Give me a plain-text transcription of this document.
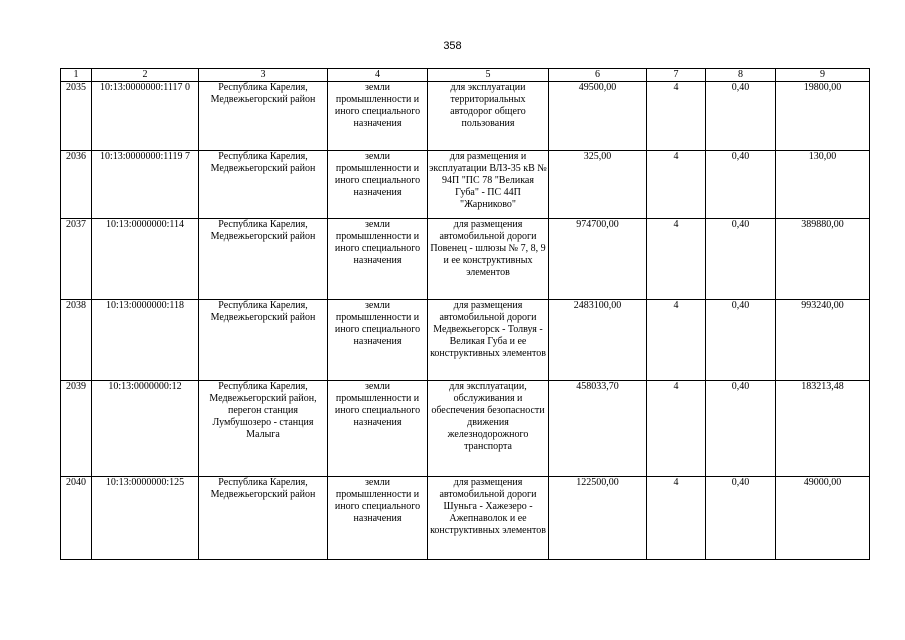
358
1	2	3	4	5	6	7	8	9
2035	10:13:0000000:1117 0	Республика Карелия, Медвежьегорский район	земли промышленности и иного специального назначения	для эксплуатации территориальных автодорог общего пользования	49500,00	4	0,40	19800,00
2036	10:13:0000000:1119 7	Республика Карелия, Медвежьегорский район	земли промышленности и иного специального назначения	для размещения и эксплуатации ВЛЗ-35 кВ № 94П "ПС 78 "Великая Губа" - ПС 44П "Жарниково"	325,00	4	0,40	130,00
2037	10:13:0000000:114	Республика Карелия, Медвежьегорский район	земли промышленности и иного специального назначения	для размещения автомобильной дороги Повенец - шлюзы № 7, 8, 9 и ее конструктивных элементов	974700,00	4	0,40	389880,00
2038	10:13:0000000:118	Республика Карелия, Медвежьегорский район	земли промышленности и иного специального назначения	для размещения автомобильной дороги Медвежьегорск - Толвуя - Великая Губа и ее конструктивных элементов	2483100,00	4	0,40	993240,00
2039	10:13:0000000:12	Республика Карелия, Медвежьегорский район, перегон станция Лумбушозеро - станция Малыга	земли промышленности и иного специального назначения	для эксплуатации, обслуживания и обеспечения безопасности движения железнодорожного транспорта	458033,70	4	0,40	183213,48
2040	10:13:0000000:125	Республика Карелия, Медвежьегорский район	земли промышленности и иного специального назначения	для размещения автомобильной дороги Шуньга - Хажезеро - Ажепнаволок и ее конструктивных элементов	122500,00	4	0,40	49000,00
